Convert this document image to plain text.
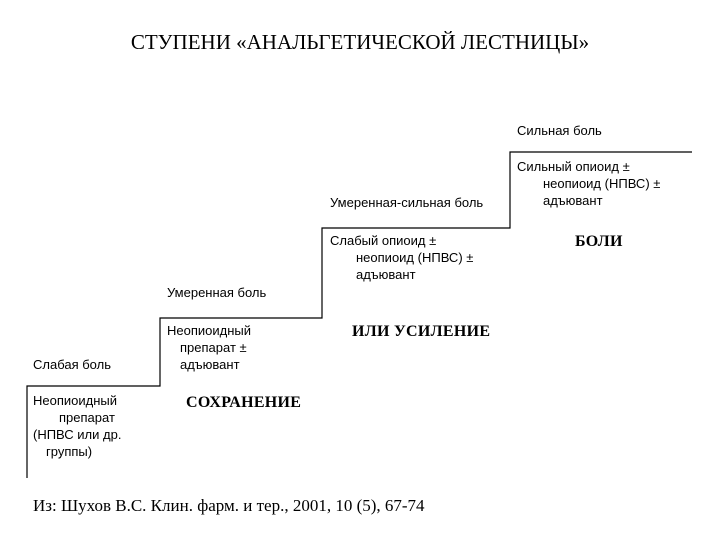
СТУПЕНИ «АНАЛЬГЕТИЧЕСКОЙ ЛЕСТНИЦЫ»
Слабая боль
Неопиоидный
препарат
(НПВС или др.
группы)
Умеренная боль
Неопиоидный
препарат ±
адъювант
Умеренная-сильная боль
Слабый опиоид ±
неопиоид (НПВС) ±
адъювант
Сильная боль
Сильный опиоид ±
неопиоид (НПВС) ±
адъювант
СОХРАНЕНИЕ
ИЛИ УСИЛЕНИЕ
БОЛИ
Из: Шухов В.С. Клин. фарм. и тер., 2001, 10 (5), 67-74
